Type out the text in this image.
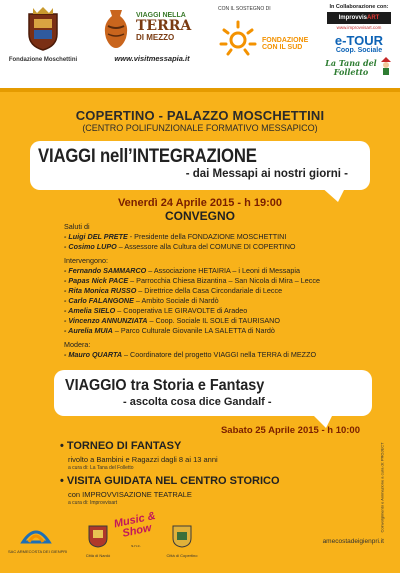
Fondazione Moschettini
VIAGGI NELLA
TERRA
DI MEZZO
www.visitmessapia.it
CON IL SOSTEGNO DI
FONDAZIONE
CON IL SUD
In Collaborazione con:
ImprovvisART
www.improvvisart.com
e-TOUR
Coop. Sociale
La Tana del
Folletto
COPERTINO - PALAZZO MOSCHETTINI
(CENTRO POLIFUNZIONALE FORMATIVO MESSAPICO)
VIAGGI nell’INTEGRAZIONE
- dai Messapi ai nostri giorni -
Venerdì 24 Aprile 2015 - h 19:00
CONVEGNO
Saluti di
- Luigi DEL PRETE - Presidente della FONDAZIONE MOSCHETTINI
- Cosimo LUPO – Assessore alla Cultura del COMUNE DI COPERTINO
Intervengono:
- Fernando SAMMARCO – Associazione HETAIRIA – i Leoni di Messapia
- Papas Nick PACE – Parrocchia Chiesa Bizantina – San Nicola di Mira – Lecce
- Rita Monica RUSSO – Direttrice della Casa Circondariale di Lecce
- Carlo FALANGONE – Ambito Sociale di Nardò
- Amelia SIELO – Cooperativa LE GIRAVOLTE di Aradeo
- Vincenzo ANNUNZIATA – Coop. Sociale IL SOLE di TAURISANO
- Aurelia MUIA – Parco Culturale Giovanile LA SALETTA di Nardò
Modera:
- Mauro QUARTA – Coordinatore del progetto VIAGGI nella TERRA di MEZZO
VIAGGIO tra Storia e Fantasy
- ascolta cosa dice Gandalf -
Sabato 25 Aprile 2015 - h 10:00
• TORNEO DI FANTASY
rivolto a Bambini e Ragazzi dagli 8 ai 13 anni
a cura di: La Tana del Folletto
• VISITA GUIDATA NEL CENTRO STORICO
con IMPROVVISAZIONE TEATRALE
a cura di: Improvvisart	Coinvolgimento e Animazione a cura di: PROJECT
SAC ARMECOSTA DEI GIENPRI
Città di Nardò
Music & Show
s.n.c.
Città di Copertino
amecostadeigienpri.it
